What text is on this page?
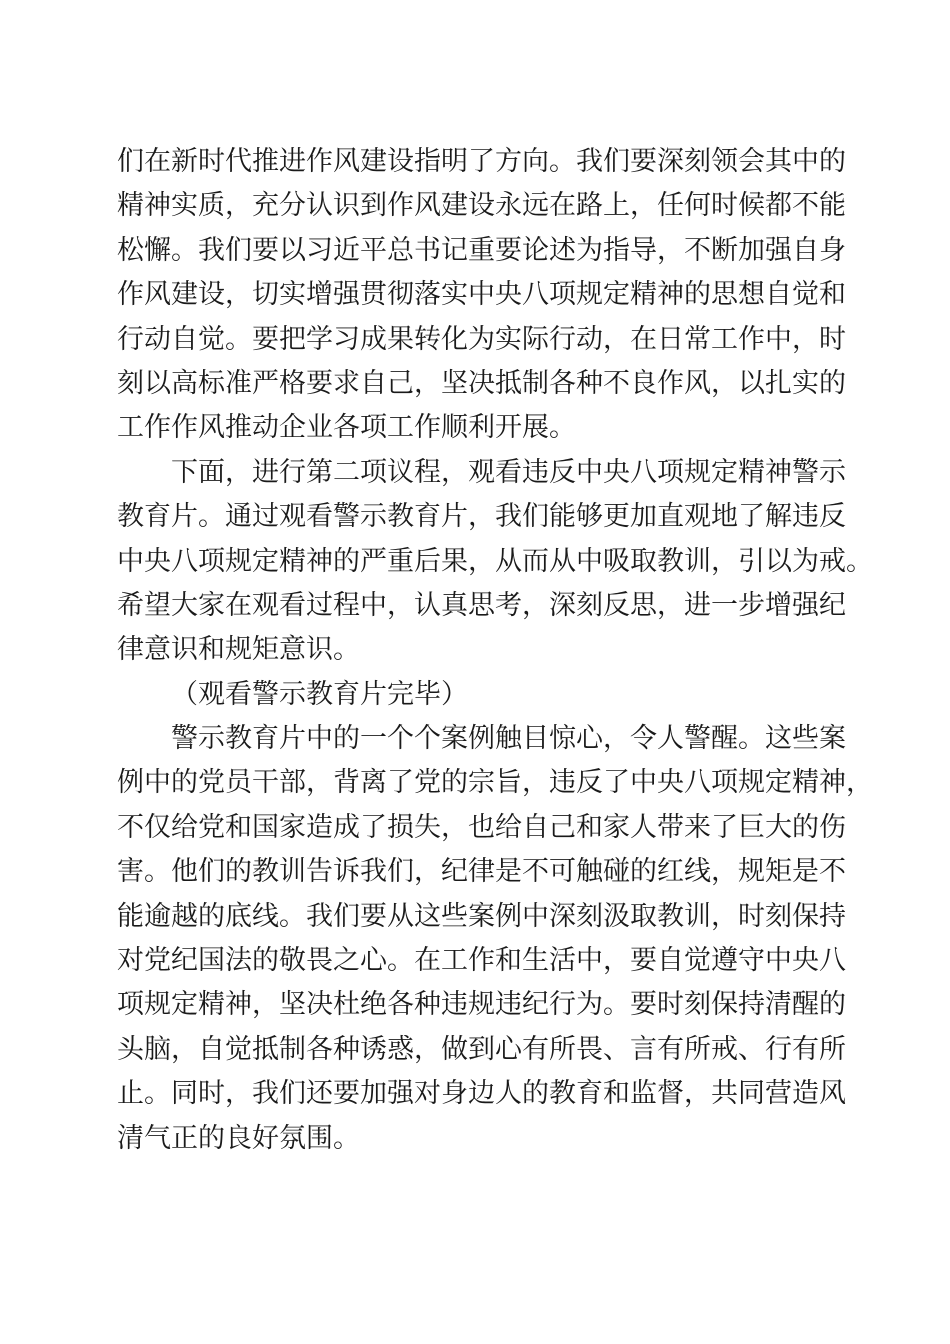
们在新时代推进作风建设指明了方向。我们要深刻领会其中的
精神实质，充分认识到作风建设永远在路上，任何时候都不能
松懈。我们要以习近平总书记重要论述为指导，不断加强自身
作风建设，切实增强贯彻落实中央八项规定精神的思想自觉和
行动自觉。要把学习成果转化为实际行动，在日常工作中，时
刻以高标准严格要求自己，坚决抵制各种不良作风，以扎实的
工作作风推动企业各项工作顺利开展。
下面，进行第二项议程，观看违反中央八项规定精神警示
教育片。通过观看警示教育片，我们能够更加直观地了解违反
中央八项规定精神的严重后果，从而从中吸取教训，引以为戒。
希望大家在观看过程中，认真思考，深刻反思，进一步增强纪
律意识和规矩意识。
（观看警示教育片完毕）
警示教育片中的一个个案例触目惊心，令人警醒。这些案
例中的党员干部，背离了党的宗旨，违反了中央八项规定精神，
不仅给党和国家造成了损失，也给自己和家人带来了巨大的伤
害。他们的教训告诉我们，纪律是不可触碰的红线，规矩是不
能逾越的底线。我们要从这些案例中深刻汲取教训，时刻保持
对党纪国法的敬畏之心。在工作和生活中，要自觉遵守中央八
项规定精神，坚决杜绝各种违规违纪行为。要时刻保持清醒的
头脑，自觉抵制各种诱惑，做到心有所畏、言有所戒、行有所
止。同时，我们还要加强对身边人的教育和监督，共同营造风
清气正的良好氛围。
